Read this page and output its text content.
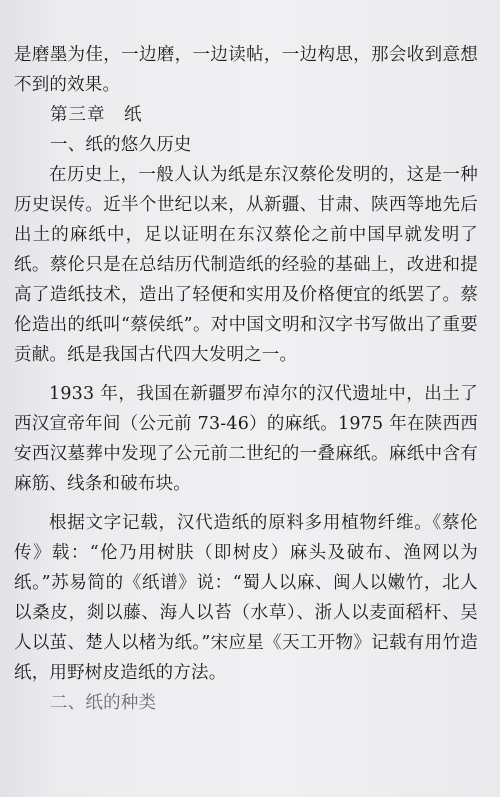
是磨墨为佳，一边磨，一边读帖，一边构思，那会收到意想不到的效果。

第三章　纸

一、纸的悠久历史

在历史上，一般人认为纸是东汉蔡伦发明的，这是一种历史误传。近半个世纪以来，从新疆、甘肃、陕西等地先后出土的麻纸中，足以证明在东汉蔡伦之前中国早就发明了纸。蔡伦只是在总结历代制造纸的经验的基础上，改进和提高了造纸技术，造出了轻便和实用及价格便宜的纸罢了。蔡伦造出的纸叫“蔡侯纸”。对中国文明和汉字书写做出了重要贡献。纸是我国古代四大发明之一。

1933 年，我国在新疆罗布淖尔的汉代遗址中，出土了西汉宣帝年间（公元前 73-46）的麻纸。1975 年在陕西西安西汉墓葬中发现了公元前二世纪的一叠麻纸。麻纸中含有麻筋、线条和破布块。

根据文字记载，汉代造纸的原料多用植物纤维。《蔡伦传》载：“伦乃用树肤（即树皮）麻头及破布、渔网以为纸。”苏易简的《纸谱》说：“蜀人以麻、闽人以嫩竹，北人以桑皮，剡以藤、海人以苔（水草）、浙人以麦面稻杆、吴人以茧、楚人以楮为纸。”宋应星《天工开物》记载有用竹造纸，用野树皮造纸的方法。

二、纸的种类
